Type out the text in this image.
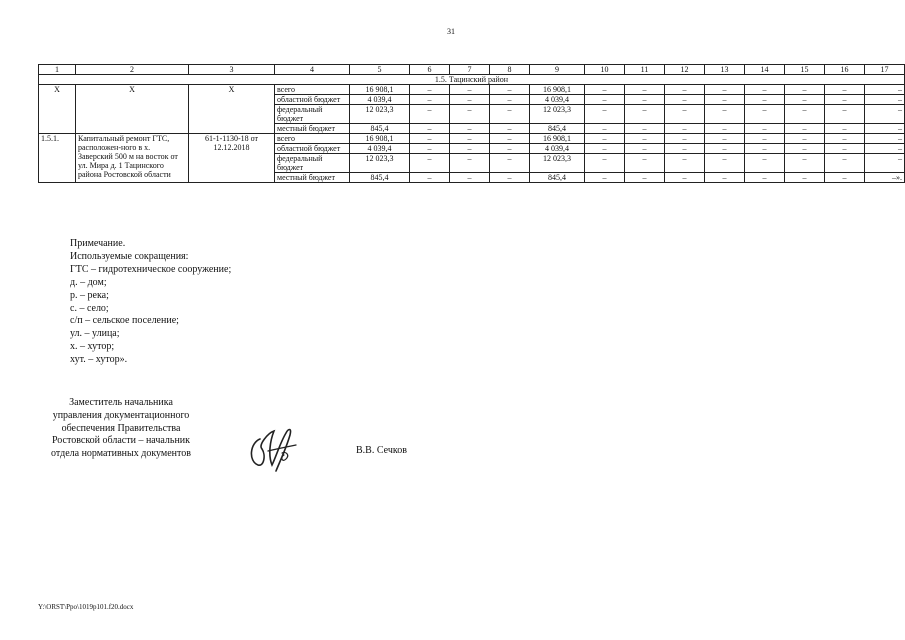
31
1	2	3	4	5	6	7	8	9	10	11	12	13	14	15	16	17
1.5. Тацинский район																
X	X	X	всего	16 908,1	–	–	–	16 908,1	–	–	–	–	–	–	–	–
			областной бюджет	4 039,4	–	–	–	4 039,4	–	–	–	–	–	–	–	–
			федеральный бюджет	12 023,3	–	–	–	12 023,3	–	–	–	–	–	–	–	–
			местный бюджет	845,4	–	–	–	845,4	–	–	–	–	–	–	–	–
1.5.1.	Капитальный ремонт ГТС, расположен-ного в х. Заверский 500 м на восток от ул. Мира д. 1 Тацинского района Ростовской области	61-1-1130-18 от 12.12.2018	всего	16 908,1	–	–	–	16 908,1	–	–	–	–	–	–	–	–
			областной бюджет	4 039,4	–	–	–	4 039,4	–	–	–	–	–	–	–	–
			федеральный бюджет	12 023,3	–	–	–	12 023,3	–	–	–	–	–	–	–	–
			местный бюджет	845,4	–	–	–	845,4	–	–	–	–	–	–	–	–».
Примечание.
Используемые сокращения:
ГТС – гидротехническое сооружение;
д. – дом;
р. – река;
с. – село;
с/п – сельское поселение;
ул. – улица;
х. – хутор;
хут. – хутор».
Заместитель начальника
управления документационного
обеспечения Правительства
Ростовской области – начальник
отдела нормативных документов	В.В. Сечков
Y:\ORST\Ppo\1019p101.f20.docx
